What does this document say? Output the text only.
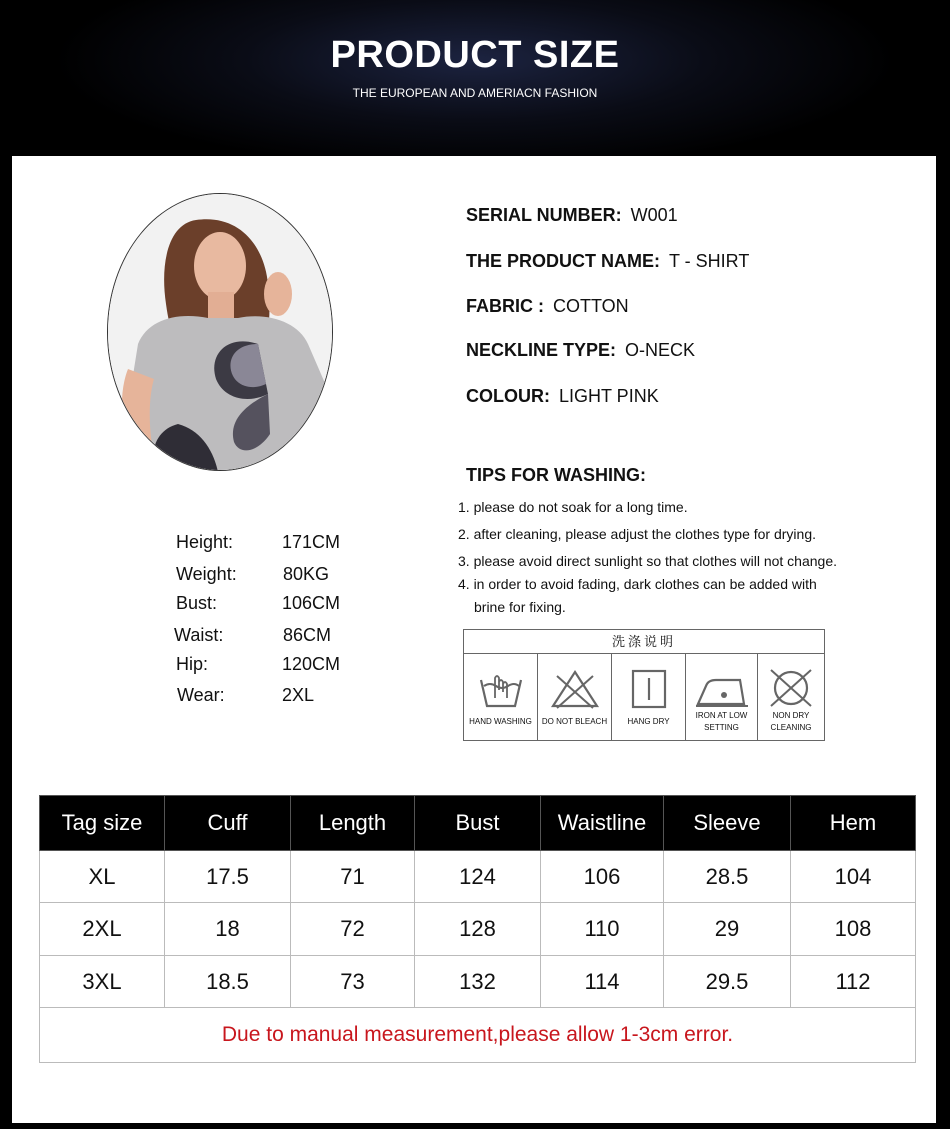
PRODUCT SIZE
THE EUROPEAN AND AMERIACN FASHION
SERIAL NUMBER: W001
THE PRODUCT NAME: T - SHIRT
FABRIC : COTTON
NECKLINE TYPE: O-NECK
COLOUR: LIGHT PINK
TIPS FOR WASHING:
1. please do not soak for a long time.
2. after cleaning, please adjust the clothes type for drying.
3. please avoid direct sunlight so that clothes will not change.
4. in order to avoid fading, dark clothes can be added with
brine for fixing.
Height:	171CM
Weight:	80KG
Bust:	106CM
Waist:	86CM
Hip:	120CM
Wear:	2XL
洗涤说明
HAND WASHING	DO NOT BLEACH	HANG DRY
IRON AT LOW SETTING
NON DRY CLEANING
Tag size	Cuff	Length	Bust	Waistline	Sleeve	Hem
XL	17.5	71	124	106	28.5	104
2XL	18	72	128	110	29	108
3XL	18.5	73	132	114	29.5	112
Due to manual measurement,please allow 1-3cm error.						
